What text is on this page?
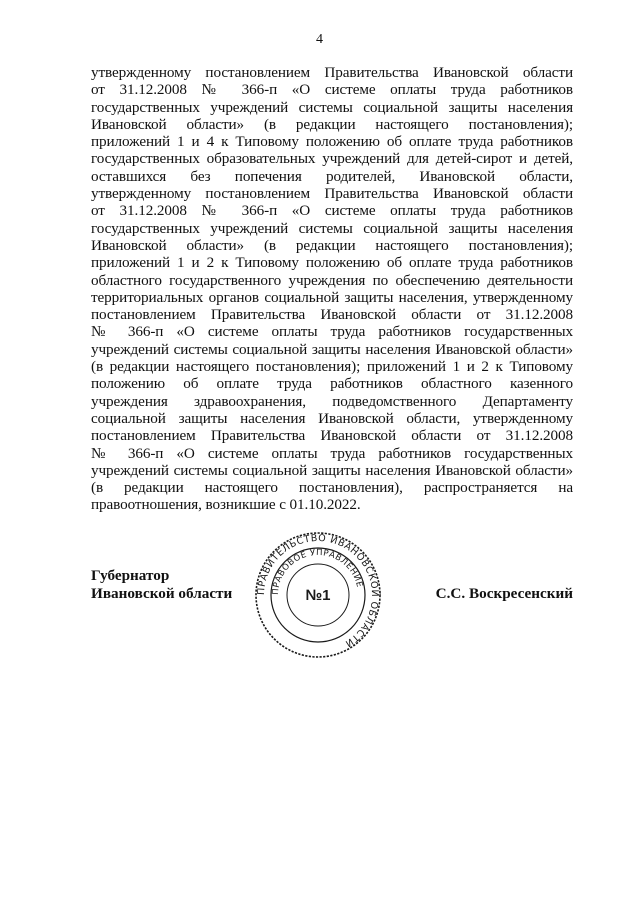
4
утвержденному постановлением Правительства Ивановской области
от 31.12.2008 № 366-п «О системе оплаты труда работников
государственных учреждений системы социальной защиты населения
Ивановской области» (в редакции настоящего постановления);
приложений 1 и 4 к Типовому положению об оплате труда работников
государственных образовательных учреждений для детей-сирот и детей,
оставшихся без попечения родителей, Ивановской области,
утвержденному постановлением Правительства Ивановской области
от 31.12.2008 № 366-п «О системе оплаты труда работников
государственных учреждений системы социальной защиты населения
Ивановской области» (в редакции настоящего постановления);
приложений 1 и 2 к Типовому положению об оплате труда работников
областного государственного учреждения по обеспечению деятельности
территориальных органов социальной защиты населения, утвержденному
постановлением Правительства Ивановской области от 31.12.2008
№ 366-п «О системе оплаты труда работников государственных
учреждений системы социальной защиты населения Ивановской области»
(в редакции настоящего постановления); приложений 1 и 2 к Типовому
положению об оплате труда работников областного казенного
учреждения здравоохранения, подведомственного Департаменту
социальной защиты населения Ивановской области, утвержденному
постановлением Правительства Ивановской области от 31.12.2008
№ 366-п «О системе оплаты труда работников государственных
учреждений системы социальной защиты населения Ивановской области»
(в редакции настоящего постановления), распространяется на
правоотношения, возникшие с 01.10.2022.
Губернатор
Ивановской области ПРАВИТЕЛЬСТВО ИВАНОВСКОЙ ОБЛАСТИ
ПРАВОВОЕ УПРАВЛЕНИЕ
№1	С.С. Воскресенский
